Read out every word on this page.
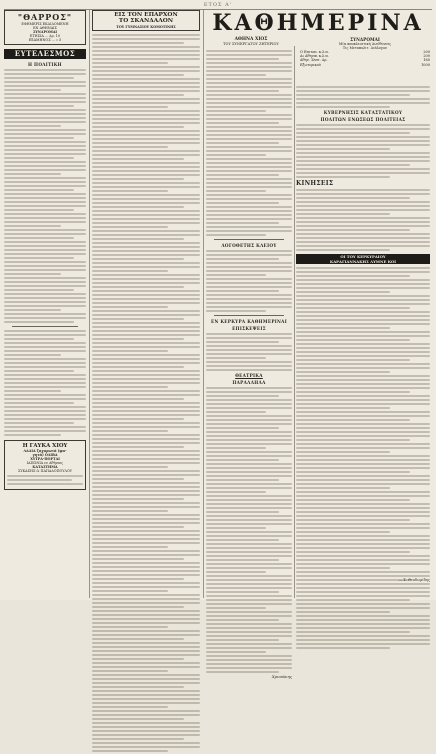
ΕΤΟΣ Α'
"ΘΑΡΡΟΣ"
ΕΦΗΜΕΡΙΣ ΕΚΔΙΔΟΜΕΝΗ
ΕΝ ΑΘΗΝΑΙΣ
ΣΥΝΔΡΟΜΑΙ
ΕΤΗΣΙΑ ... Δρ. 10
ΕΞΑΜΗΝΟΣ ... » 5
ΕΥΤΕΛΕΣΜΟΣ
Η ΠΟΛΙΤΙΚΗ
Η ΓΑΥΚΑ ΧΙΟΥ
ΛΑΔΙΑ ζαχαρωτά (φα-
γητά) ΟΛΙΒΑ
ΧΥΤΡΑ-ΠΟΡΤΑΙ
ΙΑΠΩΝΙΑ εν Αθήναις
ΚΑΤΑΣΤΗΜΑ
ΣΥΚΑΣΗΣ & ΠΑΠΑΔΟΠΟΥΛΟΥ
ΕΙΣ ΤΟΝ ΕΠΑΡΧΟΝ
ΤΟ ΣΚΑΝΔΑΛΟΝ
ΤΟΥ ΓΥΜΝΑΣΙΟΥ ΚΟΜΟΤΙΝΗΣ	ΚΑΘΗΜΕΡΙΝΑ
ΑΘΗΝΑ ΧΙΟΣ
ΤΟΥ ΣΥΝΕΡΓΑΤΟΥ ΖΗΤΕΡΙΟΥ
ΛΟΓΟΘΕΤΗΣ ΚΛΕΙΟΥ
ΕΝ ΚΕΡΚΥΡΑ ΚΑΘΗΜΕΡΙΝΑΙ
ΕΠΙΣΚΕΨΕΙΣ
ΘΕΑΤΡΙΚΑ
ΠΑΡΑΛΛΗΛΑ
Χρυσάνης
ΣΥΝΔΡΟΜΑΙ
Μία αποκλειστική Διεύθυνσις
Τις Μεταπολιτ. Διάλογον
Ο Επιτοπ. κ.λ.π.	200
Αι Αθηναι κ.λ.π.	200
Αθην. Σεπτ. Δρ.	160
Εξωτερικού	1000
ΚΥΒΕΡΝΗΣΙΣ ΚΑΤΑΣΤΑΤΙΚΟΥ
ΠΟΛΙΤΩΝ ΕΝΩΣΕΩΣ ΠΟΛΙΤΕΙΑΣ
ΚΙΝΗΣΕΙΣ
ΟΙ ΤΟΥ ΚΕΡΚΥΡΑΙΟΥ
ΚΑΡΑΓΙΑΝΝΑΚΗΣ ΛΥΜΝΕ ΚΟΙ
— Σ. Θεοδωρίδης
